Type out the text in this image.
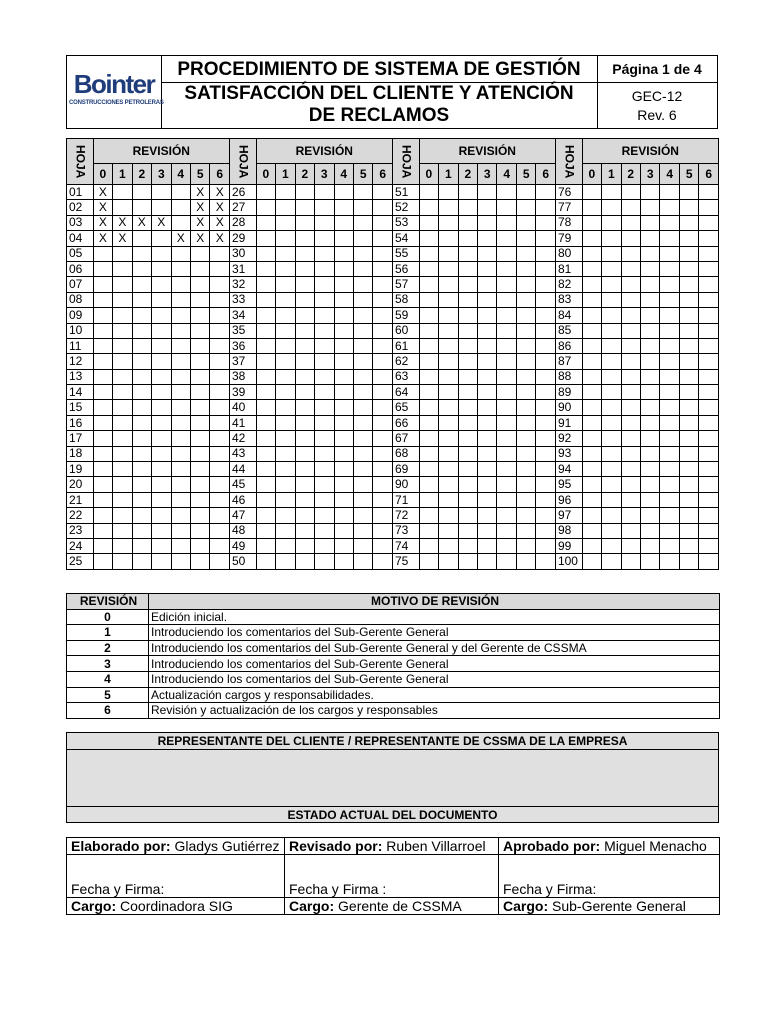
Bointer
CONSTRUCCIONES PETROLERAS
PROCEDIMIENTO DE SISTEMA DE GESTIÓN
SATISFACCIÓN DEL CLIENTE Y ATENCIÓN
DE RECLAMOS
Página 1 de 4
GEC-12
Rev. 6
HOJA	REVISIÓN							HOJA	REVISIÓN							HOJA	REVISIÓN							HOJA	REVISIÓN						
	0	1	2	3	4	5	6		0	1	2	3	4	5	6		0	1	2	3	4	5	6		0	1	2	3	4	5	6
01	X					X	X	26								51								76							
02	X					X	X	27								52								77							
03	X	X	X	X		X	X	28								53								78							
04	X	X			X	X	X	29								54								79							
05								30								55								80							
06								31								56								81							
07								32								57								82							
08								33								58								83							
09								34								59								84							
10								35								60								85							
11								36								61								86							
12								37								62								87							
13								38								63								88							
14								39								64								89							
15								40								65								90							
16								41								66								91							
17								42								67								92							
18								43								68								93							
19								44								69								94							
20								45								90								95							
21								46								71								96							
22								47								72								97							
23								48								73								98							
24								49								74								99							
25								50								75								100							
REVISIÓN	MOTIVO DE REVISIÓN
0	Edición inicial.
1	Introduciendo los comentarios del Sub-Gerente General
2	Introduciendo los comentarios del Sub-Gerente General y del Gerente de CSSMA
3	Introduciendo los comentarios del Sub-Gerente General
4	Introduciendo los comentarios del Sub-Gerente General
5	Actualización cargos y responsabilidades.
6	Revisión y actualización de los cargos y responsables
REPRESENTANTE DEL CLIENTE / REPRESENTANTE DE CSSMA DE LA EMPRESA
ESTADO ACTUAL DEL DOCUMENTO
Elaborado por: Gladys Gutiérrez	Revisado por: Ruben Villarroel	Aprobado por: Miguel Menacho
Fecha y Firma:	Fecha y Firma :	Fecha y Firma:
Cargo: Coordinadora SIG	Cargo: Gerente de CSSMA	Cargo: Sub-Gerente General
